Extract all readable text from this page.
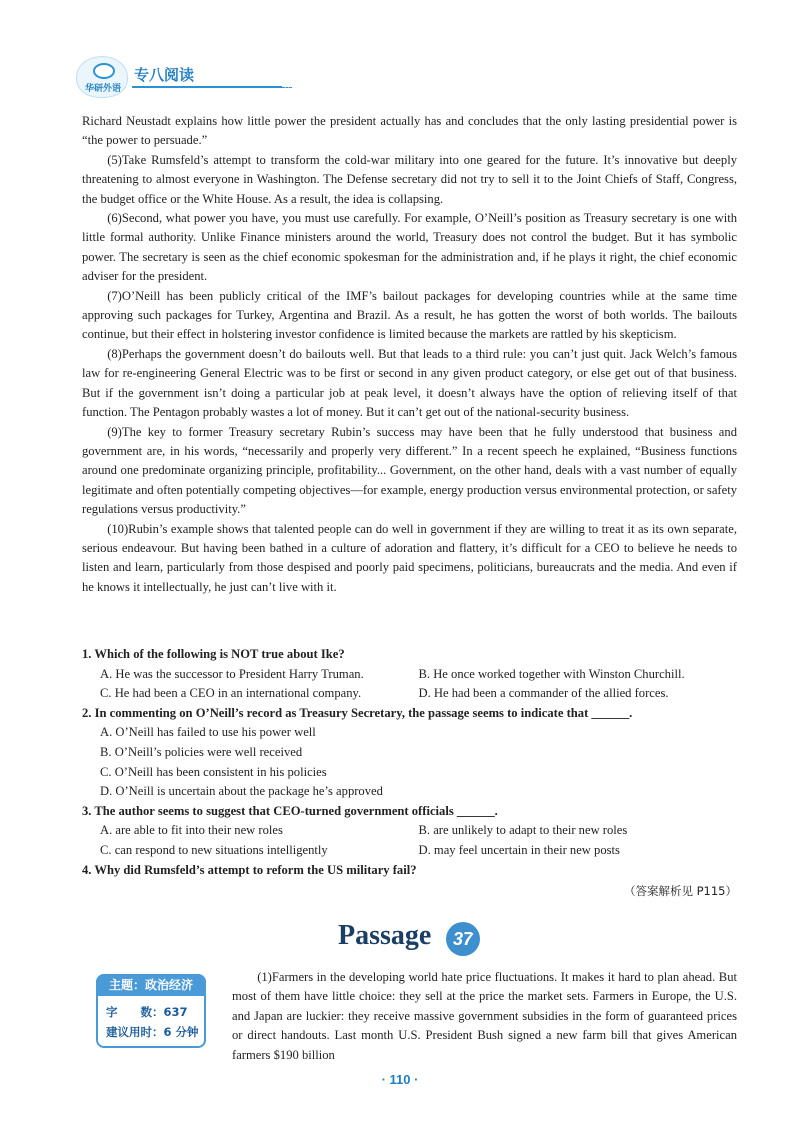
华研外语
专八阅读

Richard Neustadt explains how little power the president actually has and concludes that the only lasting presidential power is “the power to persuade.”

(5)Take Rumsfeld’s attempt to transform the cold-war military into one geared for the future. It’s innovative but deeply threatening to almost everyone in Washington. The Defense secretary did not try to sell it to the Joint Chiefs of Staff, Congress, the budget office or the White House. As a result, the idea is collapsing.

(6)Second, what power you have, you must use carefully. For example, O’Neill’s position as Treasury secretary is one with little formal authority. Unlike Finance ministers around the world, Treasury does not control the budget. But it has symbolic power. The secretary is seen as the chief economic spokesman for the administration and, if he plays it right, the chief economic adviser for the president.

(7)O’Neill has been publicly critical of the IMF’s bailout packages for developing countries while at the same time approving such packages for Turkey, Argentina and Brazil. As a result, he has gotten the worst of both worlds. The bailouts continue, but their effect in holstering investor confidence is limited because the markets are rattled by his skepticism.

(8)Perhaps the government doesn’t do bailouts well. But that leads to a third rule: you can’t just quit. Jack Welch’s famous law for re-engineering General Electric was to be first or second in any given product category, or else get out of that business. But if the government isn’t doing a particular job at peak level, it doesn’t always have the option of relieving itself of that function. The Pentagon probably wastes a lot of money. But it can’t get out of the national-security business.

(9)The key to former Treasury secretary Rubin’s success may have been that he fully understood that business and government are, in his words, “necessarily and properly very different.” In a recent speech he explained, “Business functions around one predominate organizing principle, profitability... Government, on the other hand, deals with a vast number of equally legitimate and often potentially competing objectives—for example, energy production versus environmental protection, or safety regulations versus productivity.”

(10)Rubin’s example shows that talented people can do well in government if they are willing to treat it as its own separate, serious endeavour. But having been bathed in a culture of adoration and flattery, it’s difficult for a CEO to believe he needs to listen and learn, particularly from those despised and poorly paid specimens, politicians, bureaucrats and the media. And even if he knows it intellectually, he just can’t live with it.

1. Which of the following is NOT true about Ike?
A. He was the successor to President Harry Truman.	B. He once worked together with Winston Churchill.
C. He had been a CEO in an international company.	D. He had been a commander of the allied forces.
2. In commenting on O’Neill’s record as Treasury Secretary, the passage seems to indicate that ______.
A. O’Neill has failed to use his power well
B. O’Neill’s policies were well received
C. O’Neill has been consistent in his policies
D. O’Neill is uncertain about the package he’s approved
3. The author seems to suggest that CEO-turned government officials ______.
A. are able to fit into their new roles	B. are unlikely to adapt to their new roles
C. can respond to new situations intelligently	D. may feel uncertain in their new posts
4. Why did Rumsfeld’s attempt to reform the US military fail?
（答案解析见 P115）
Passage	37
✦
主题：政治经济
字　　数：637
建议用时：6 分钟

(1)Farmers in the developing world hate price fluctuations. It makes it hard to plan ahead. But most of them have little choice: they sell at the price the market sets. Farmers in Europe, the U.S. and Japan are luckier: they receive massive government subsidies in the form of guaranteed prices or direct handouts. Last month U.S. President Bush signed a new farm bill that gives American farmers $190 billion

· 110 ·
